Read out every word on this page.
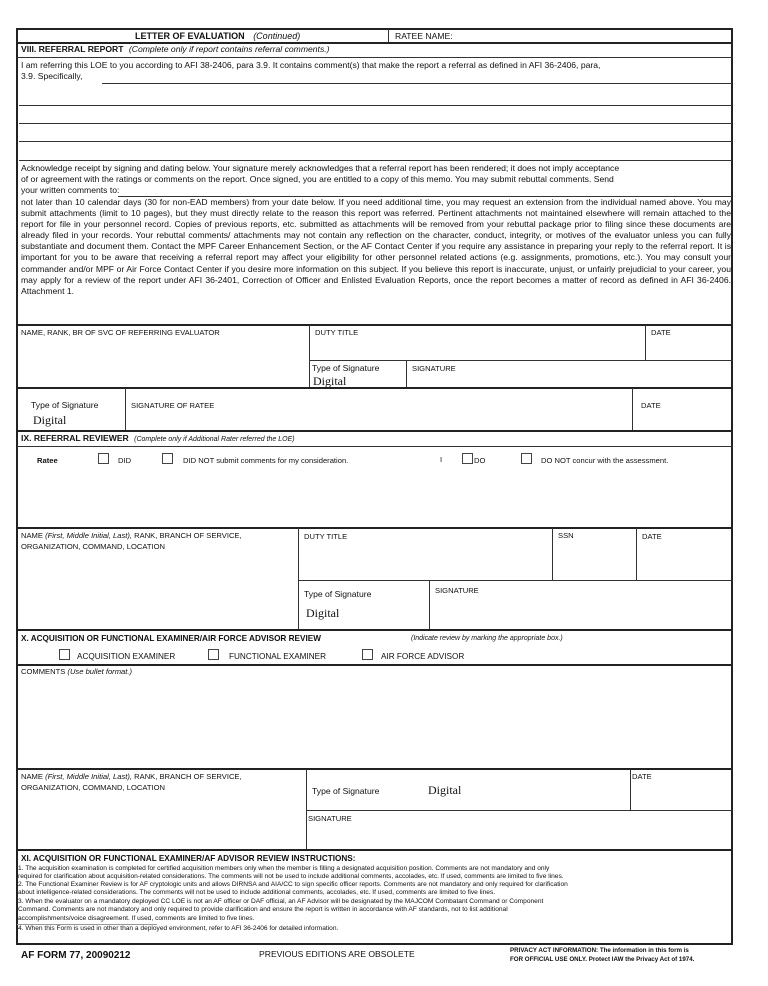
LETTER OF EVALUATION (Continued)	RATEE NAME:
VIII. REFERRAL REPORT (Complete only if report contains referral comments.)
I am referring this LOE to you according to AFI 38-2406, para 3.9. It contains comment(s) that make the report a referral as defined in AFI 36-2406, para,
3.9. Specifically,
Acknowledge receipt by signing and dating below. Your signature merely acknowledges that a referral report has been rendered; it does not imply acceptance
of or agreement with the ratings or comments on the report. Once signed, you are entitled to a copy of this memo. You may submit rebuttal comments. Send
your written comments to:
not later than 10 calendar days (30 for non-EAD members) from your date below. If you need additional time, you may request an extension from the individual named above. You may submit attachments (limit to 10 pages), but they must directly relate to the reason this report was referred. Pertinent attachments not maintained elsewhere will remain attached to the report for file in your personnel record. Copies of previous reports, etc. submitted as attachments will be removed from your rebuttal package prior to filing since these documents are already filed in your records. Your rebuttal comments/ attachments may not contain any reflection on the character, conduct, integrity, or motives of the evaluator unless you can fully substantiate and document them. Contact the MPF Career Enhancement Section, or the AF Contact Center if you require any assistance in preparing your reply to the referral report. It is important for you to be aware that receiving a referral report may affect your eligibility for other personnel related actions (e.g. assignments, promotions, etc.). You may consult your commander and/or MPF or Air Force Contact Center if you desire more information on this subject. If you believe this report is inaccurate, unjust, or unfairly prejudicial to your career, you may apply for a review of the report under AFI 36-2401, Correction of Officer and Enlisted Evaluation Reports, once the report becomes a matter of record as defined in AFI 36-2406. Attachment 1.
NAME, RANK, BR OF SVC OF REFERRING EVALUATOR	DUTY TITLE	DATE
Type of Signature
Digital
SIGNATURE
Type of Signature
Digital
SIGNATURE OF RATEE	DATE
IX. REFERRAL REVIEWER (Complete only if Additional Rater referred the LOE)
Ratee	DID	DID NOT submit comments for my consideration.	I	DO	DO NOT concur with the assessment.
NAME (First, Middle Initial, Last), RANK, BRANCH OF SERVICE,
ORGANIZATION, COMMAND, LOCATION
DUTY TITLE	SSN	DATE
Type of Signature
Digital
SIGNATURE
X. ACQUISITION OR FUNCTIONAL EXAMINER/AIR FORCE ADVISOR REVIEW	(Indicate review by marking the appropriate box.)
ACQUISITION EXAMINER	FUNCTIONAL EXAMINER	AIR FORCE ADVISOR
COMMENTS (Use bullet format.)
NAME (First, Middle Initial, Last), RANK, BRANCH OF SERVICE,
ORGANIZATION, COMMAND, LOCATION	Type of Signature	Digital
DATE
SIGNATURE
XI. ACQUISITION OR FUNCTIONAL EXAMINER/AF ADVISOR REVIEW INSTRUCTIONS:
1. The acquisition examination is completed for certified acquisition members only when the member is filling a designated acquisition position. Comments are not mandatory and only
required for clarification about acquisition-related considerations. The comments will not be used to include additional comments, accolades, etc. If used, comments are limited to five lines.
2. The Functional Examiner Review is for AF cryptologic units and allows DIRNSA and AIA/CC to sign specific officer reports. Comments are not mandatory and only required for clarification
about intelligence-related considerations. The comments will not be used to include additional comments, accolades, etc. If used, comments are limited to five lines.
3. When the evaluator on a mandatory deployed CC LOE is not an AF officer or DAF official, an AF Advisor will be designated by the MAJCOM Combatant Command or Component
Command. Comments are not mandatory and only required to provide clarification and ensure the report is written in accordance with AF standards, not to list additional
accomplishments/voice disagreement. If used, comments are limited to five lines.
4. When this Form is used in other than a deployed environment, refer to AFI 36-2406 for detailed information.
AF FORM 77, 20090212	PREVIOUS EDITIONS ARE OBSOLETE	PRIVACY ACT INFORMATION: The information in this form is
FOR OFFICIAL USE ONLY. Protect IAW the Privacy Act of 1974.
